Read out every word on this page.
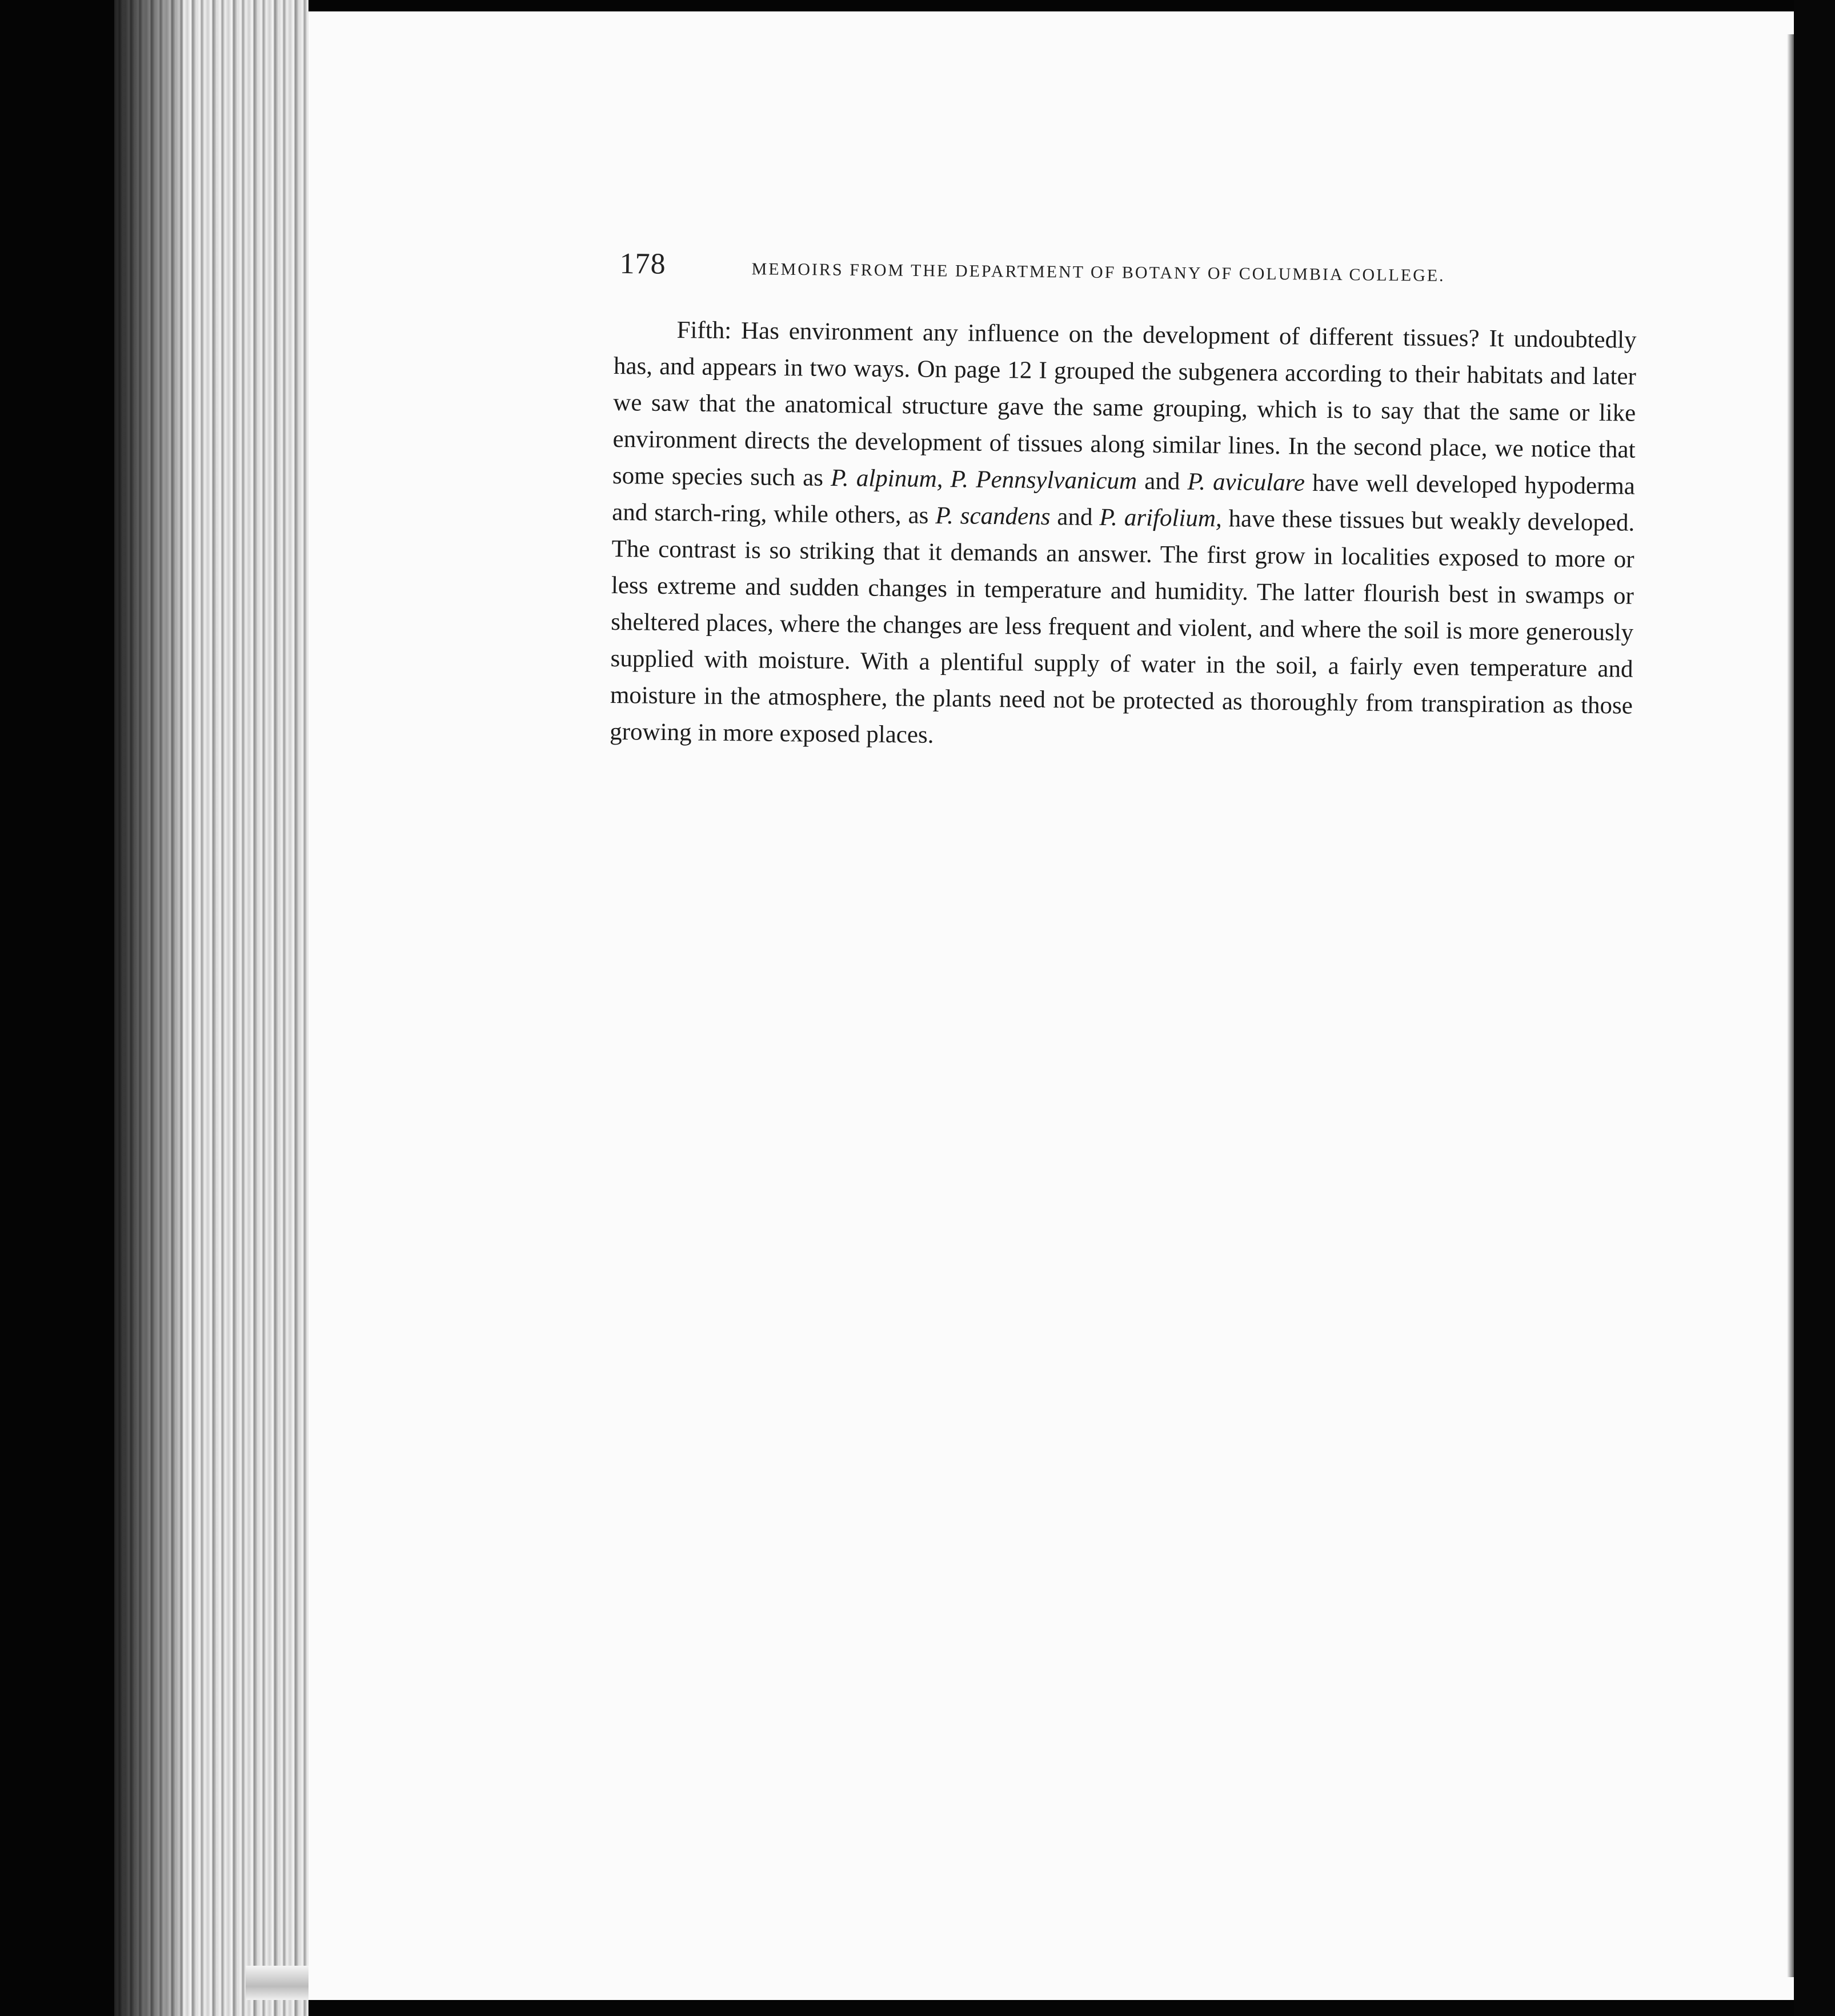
178	MEMOIRS FROM THE DEPARTMENT OF BOTANY OF COLUMBIA COLLEGE.

Fifth: Has environment any influence on the development of different tissues? It undoubtedly has, and appears in two ways. On page 12 I grouped the subgenera according to their habitats and later we saw that the anatomical structure gave the same grouping, which is to say that the same or like environment directs the development of tissues along similar lines. In the second place, we notice that some species such as P. alpinum, P. Pennsylvanicum and P. aviculare have well developed hypoderma and starch-ring, while others, as P. scandens and P. arifolium, have these tissues but weakly developed. The contrast is so striking that it demands an answer. The first grow in localities exposed to more or less extreme and sudden changes in temperature and humidity. The latter flourish best in swamps or sheltered places, where the changes are less frequent and violent, and where the soil is more generously supplied with moisture. With a plentiful supply of water in the soil, a fairly even temperature and moisture in the atmosphere, the plants need not be protected as thoroughly from transpiration as those growing in more exposed places.
